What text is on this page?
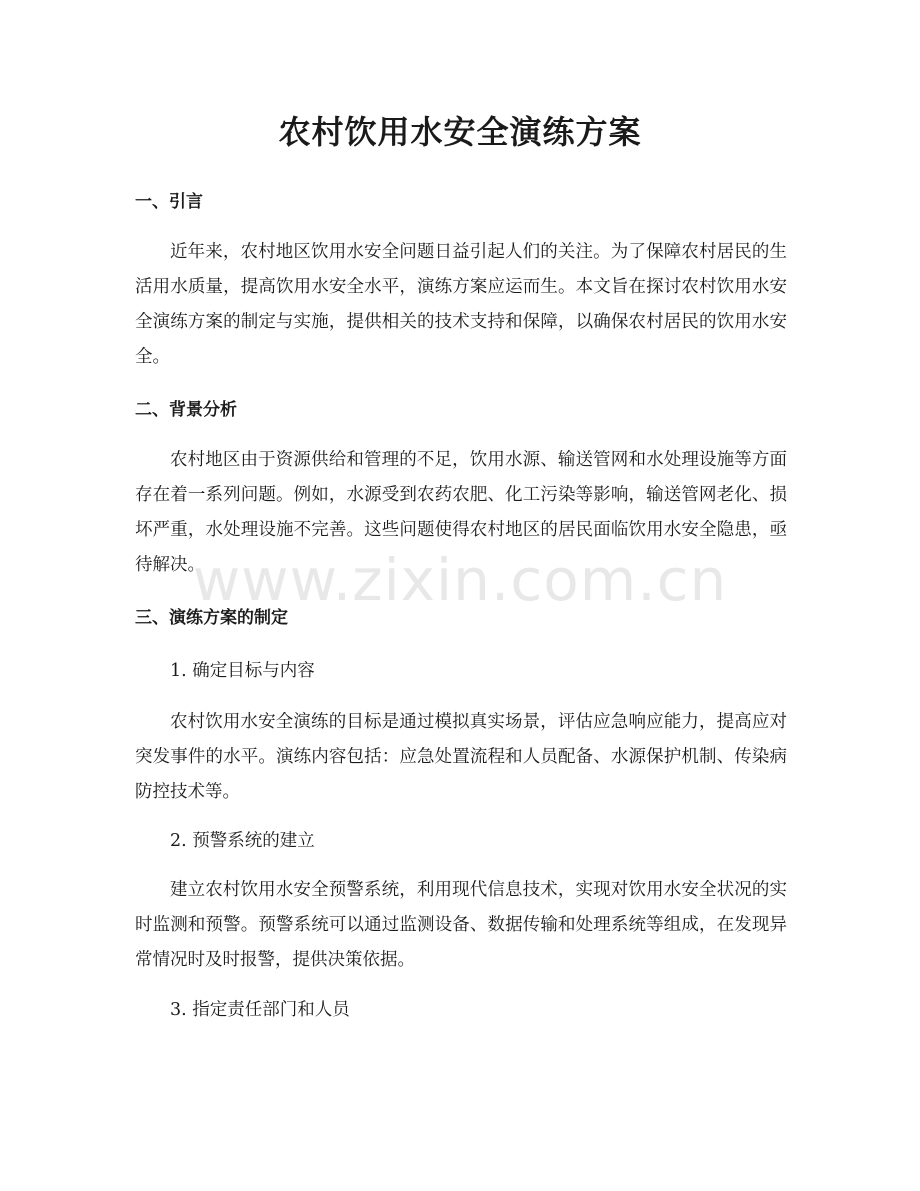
农村饮用水安全演练方案
一、引言

近年来，农村地区饮用水安全问题日益引起人们的关注。为了保障农村居民的生活用水质量，提高饮用水安全水平，演练方案应运而生。本文旨在探讨农村饮用水安全演练方案的制定与实施，提供相关的技术支持和保障，以确保农村居民的饮用水安全。

二、背景分析

农村地区由于资源供给和管理的不足，饮用水源、输送管网和水处理设施等方面存在着一系列问题。例如，水源受到农药农肥、化工污染等影响，输送管网老化、损坏严重，水处理设施不完善。这些问题使得农村地区的居民面临饮用水安全隐患，亟待解决。

三、演练方案的制定

1. 确定目标与内容

农村饮用水安全演练的目标是通过模拟真实场景，评估应急响应能力，提高应对突发事件的水平。演练内容包括：应急处置流程和人员配备、水源保护机制、传染病防控技术等。

2. 预警系统的建立

建立农村饮用水安全预警系统，利用现代信息技术，实现对饮用水安全状况的实时监测和预警。预警系统可以通过监测设备、数据传输和处理系统等组成，在发现异常情况时及时报警，提供决策依据。

3. 指定责任部门和人员

www.zixin.com.cn
